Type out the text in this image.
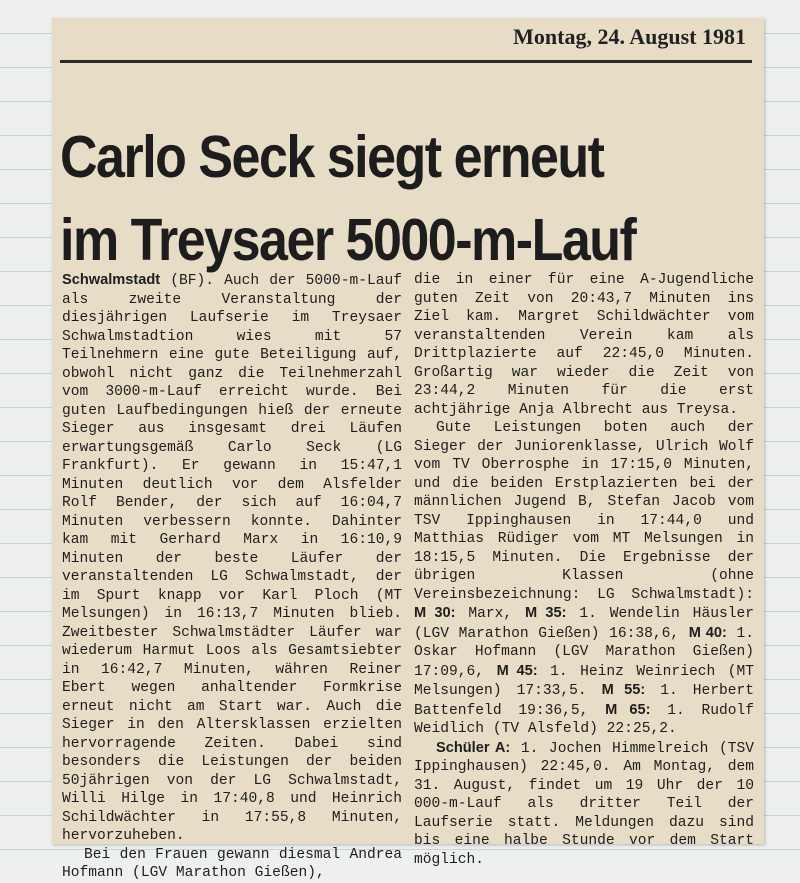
Montag, 24. August 1981
Carlo Seck siegt erneut
im Treysaer 5000-m-Lauf

Schwalmstadt (BF). Auch der 5000-m-Lauf als zweite Veranstaltung der diesjährigen Laufserie im Treysaer Schwalmstadtion wies mit 57 Teilnehmern eine gute Beteiligung auf, obwohl nicht ganz die Teilnehmerzahl vom 3000-m-Lauf erreicht wurde. Bei guten Laufbedingungen hieß der erneute Sieger aus insgesamt drei Läufen erwartungsgemäß Carlo Seck (LG Frankfurt). Er gewann in 15:47,1 Minuten deutlich vor dem Alsfelder Rolf Bender, der sich auf 16:04,7 Minuten verbessern konnte. Dahinter kam mit Gerhard Marx in 16:10,9 Minuten der beste Läufer der veranstaltenden LG Schwalmstadt, der im Spurt knapp vor Karl Ploch (MT Melsungen) in 16:13,7 Minuten blieb. Zweitbester Schwalmstädter Läufer war wiederum Harmut Loos als Gesamtsiebter in 16:42,7 Minuten, währen Reiner Ebert wegen anhaltender Formkrise erneut nicht am Start war. Auch die Sieger in den Altersklassen erzielten hervorragende Zeiten. Dabei sind besonders die Leistungen der beiden 50jährigen von der LG Schwalmstadt, Willi Hilge in 17:40,8 und Heinrich Schildwächter in 17:55,8 Minuten, hervorzuheben.

Bei den Frauen gewann diesmal Andrea Hofmann (LGV Marathon Gießen),

die in einer für eine A-Jugendliche guten Zeit von 20:43,7 Minuten ins Ziel kam. Margret Schildwächter vom veranstaltenden Verein kam als Drittplazierte auf 22:45,0 Minuten. Großartig war wieder die Zeit von 23:44,2 Minuten für die erst achtjährige Anja Albrecht aus Treysa.

Gute Leistungen boten auch der Sieger der Juniorenklasse, Ulrich Wolf vom TV Oberrosphe in 17:15,0 Minuten, und die beiden Erstplazierten bei der männlichen Jugend B, Stefan Jacob vom TSV Ippinghausen in 17:44,0 und Matthias Rüdiger vom MT Melsungen in 18:15,5 Minuten. Die Ergebnisse der übrigen Klassen (ohne Vereinsbezeichnung: LG Schwalmstadt): M 30: Marx, M 35: 1. Wendelin Häusler (LGV Marathon Gießen) 16:38,6, M 40: 1. Oskar Hofmann (LGV Marathon Gießen) 17:09,6, M 45: 1. Heinz Weinriech (MT Melsungen) 17:33,5. M 55: 1. Herbert Battenfeld 19:36,5, M 65: 1. Rudolf Weidlich (TV Alsfeld) 22:25,2.

Schüler A: 1. Jochen Himmelreich (TSV Ippinghausen) 22:45,0. Am Montag, dem 31. August, findet um 19 Uhr der 10 000-m-Lauf als dritter Teil der Laufserie statt. Meldungen dazu sind bis eine halbe Stunde vor dem Start möglich.
